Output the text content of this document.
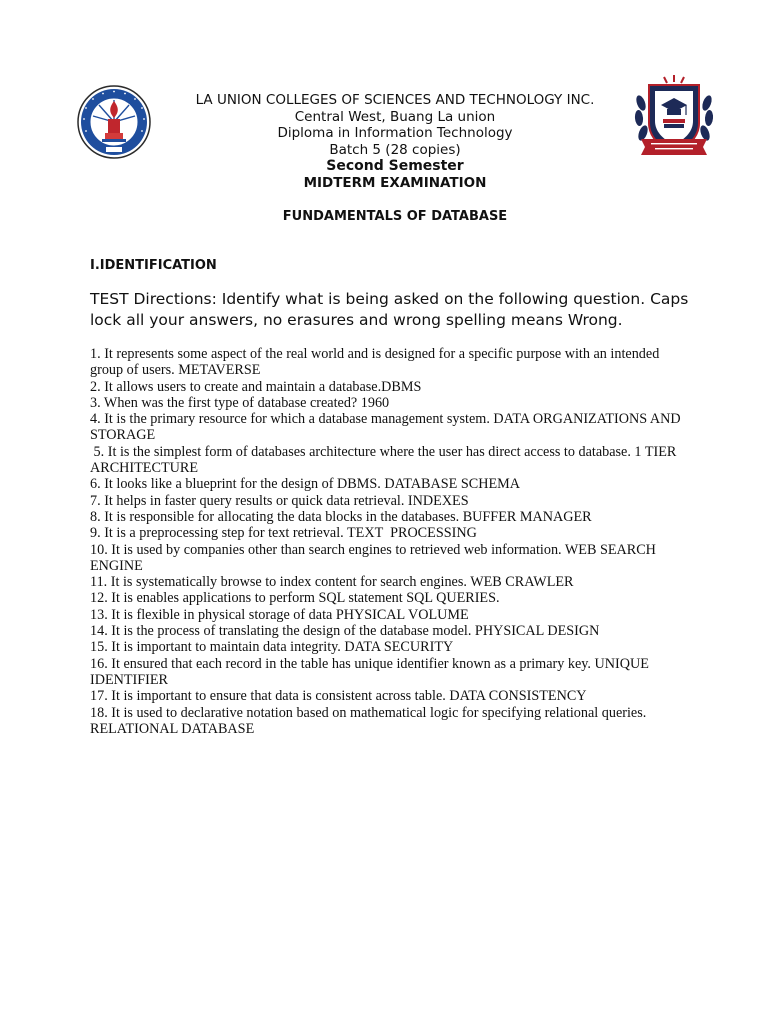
LA UNION COLLEGES OF SCIENCES AND TECHNOLOGY INC.
Central West, Buang La union
Diploma in Information Technology
Batch 5 (28 copies)
Second Semester
MIDTERM EXAMINATION
FUNDAMENTALS OF DATABASE
I.IDENTIFICATION
TEST Directions: Identify what is being asked on the following question. Caps lock all your answers, no erasures and wrong spelling means Wrong.
1. It represents some aspect of the real world and is designed for a specific purpose with an intended group of users. METAVERSE
2. It allows users to create and maintain a database.DBMS
3. When was the first type of database created? 1960
4. It is the primary resource for which a database management system. DATA ORGANIZATIONS AND STORAGE
5. It is the simplest form of databases architecture where the user has direct access to database. 1 TIER ARCHITECTURE
6. It looks like a blueprint for the design of DBMS. DATABASE SCHEMA
7. It helps in faster query results or quick data retrieval. INDEXES
8. It is responsible for allocating the data blocks in the databases. BUFFER MANAGER
9. It is a preprocessing step for text retrieval. TEXT  PROCESSING
10. It is used by companies other than search engines to retrieved web information. WEB SEARCH ENGINE
11. It is systematically browse to index content for search engines. WEB CRAWLER
12. It is enables applications to perform SQL statement SQL QUERIES.
13. It is flexible in physical storage of data PHYSICAL VOLUME
14. It is the process of translating the design of the database model. PHYSICAL DESIGN
15. It is important to maintain data integrity. DATA SECURITY
16. It ensured that each record in the table has unique identifier known as a primary key. UNIQUE IDENTIFIER
17. It is important to ensure that data is consistent across table. DATA CONSISTENCY
18. It is used to declarative notation based on mathematical logic for specifying relational queries. RELATIONAL DATABASE
